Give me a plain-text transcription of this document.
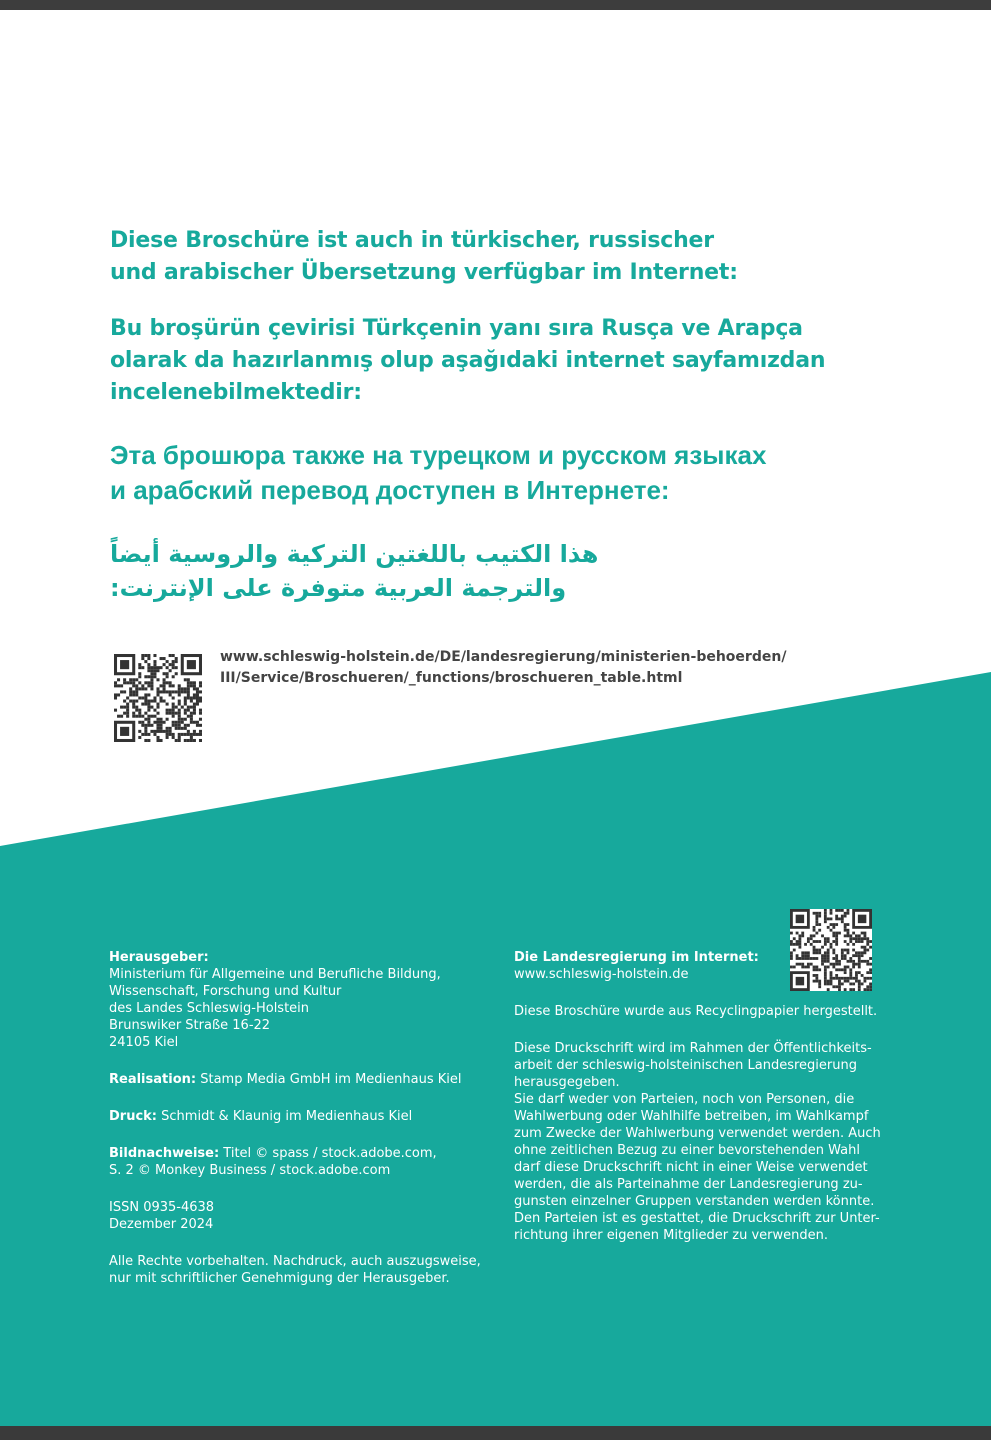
Diese Broschüre ist auch in türkischer, russischer
und arabischer Übersetzung verfügbar im Internet:
Bu broşürün çevirisi Türkçenin yanı sıra Rusça ve Arapça
olarak da hazırlanmış olup aşağıdaki internet sayfamızdan
incelenebilmektedir:
Эта брошюра также на турецком и русском языках
и арабский перевод доступен в Интернете:
هذا الكتيب باللغتين التركية والروسية أيضاً
والترجمة العربية متوفرة على الإنترنت:

www.schleswig-holstein.de/DE/landesregierung/ministerien-behoerden/
III/Service/Broschueren/_functions/broschueren_table.html

Herausgeber:

Ministerium für Allgemeine und Berufliche Bildung,
Wissenschaft, Forschung und Kultur
des Landes Schleswig-Holstein
Brunswiker Straße 16-22
24105 Kiel

Realisation: Stamp Media GmbH im Medienhaus Kiel

Druck: Schmidt & Klaunig im Medienhaus Kiel

Bildnachweise: Titel © spass / stock.adobe.com,

S. 2 © Monkey Business / stock.adobe.com

ISSN 0935-4638

Dezember 2024

Alle Rechte vorbehalten. Nachdruck, auch auszugsweise,
nur mit schriftlicher Genehmigung der Herausgeber.

Die Landesregierung im Internet:

www.schleswig-holstein.de

Diese Broschüre wurde aus Recyclingpapier hergestellt.

Diese Druckschrift wird im Rahmen der Öffentlichkeits-
arbeit der schleswig-holsteinischen Landesregierung
herausgegeben.
Sie darf weder von Parteien, noch von Personen, die
Wahlwerbung oder Wahlhilfe betreiben, im Wahlkampf
zum Zwecke der Wahlwerbung verwendet werden. Auch
ohne zeitlichen Bezug zu einer bevorstehenden Wahl
darf diese Druckschrift nicht in einer Weise verwendet
werden, die als Parteinahme der Landesregierung zu-
gunsten einzelner Gruppen verstanden werden könnte.
Den Parteien ist es gestattet, die Druckschrift zur Unter-
richtung ihrer eigenen Mitglieder zu verwenden.
